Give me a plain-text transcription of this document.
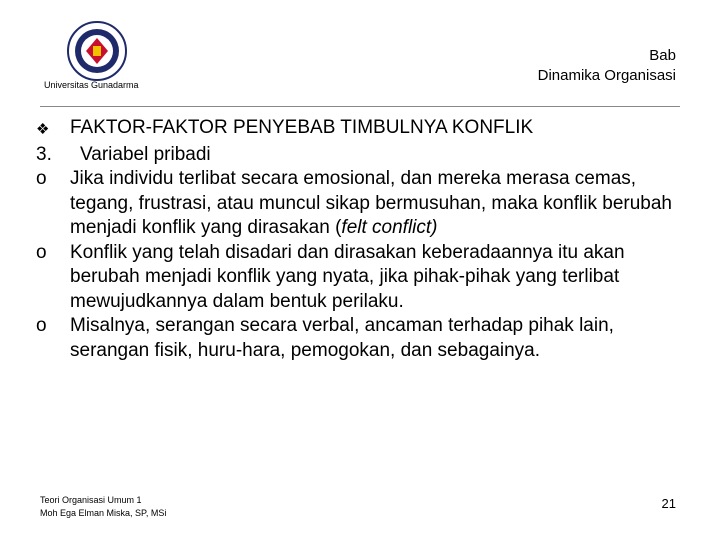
Universitas Gunadarma
Bab
Dinamika Organisasi
❖	FAKTOR-FAKTOR PENYEBAB TIMBULNYA KONFLIK
3.	Variabel pribadi
o	Jika individu terlibat secara emosional, dan mereka merasa cemas, tegang, frustrasi, atau muncul sikap bermusuhan, maka konflik berubah menjadi konflik yang dirasakan (felt conflict)
o	Konflik yang telah disadari dan dirasakan keberadaannya itu akan berubah menjadi konflik yang nyata, jika pihak-pihak yang terlibat mewujudkannya dalam bentuk perilaku.
o	Misalnya, serangan secara verbal, ancaman terhadap pihak lain, serangan fisik, huru-hara, pemogokan, dan sebagainya.
Teori Organisasi Umum 1
Moh Ega Elman Miska, SP, MSi
21
